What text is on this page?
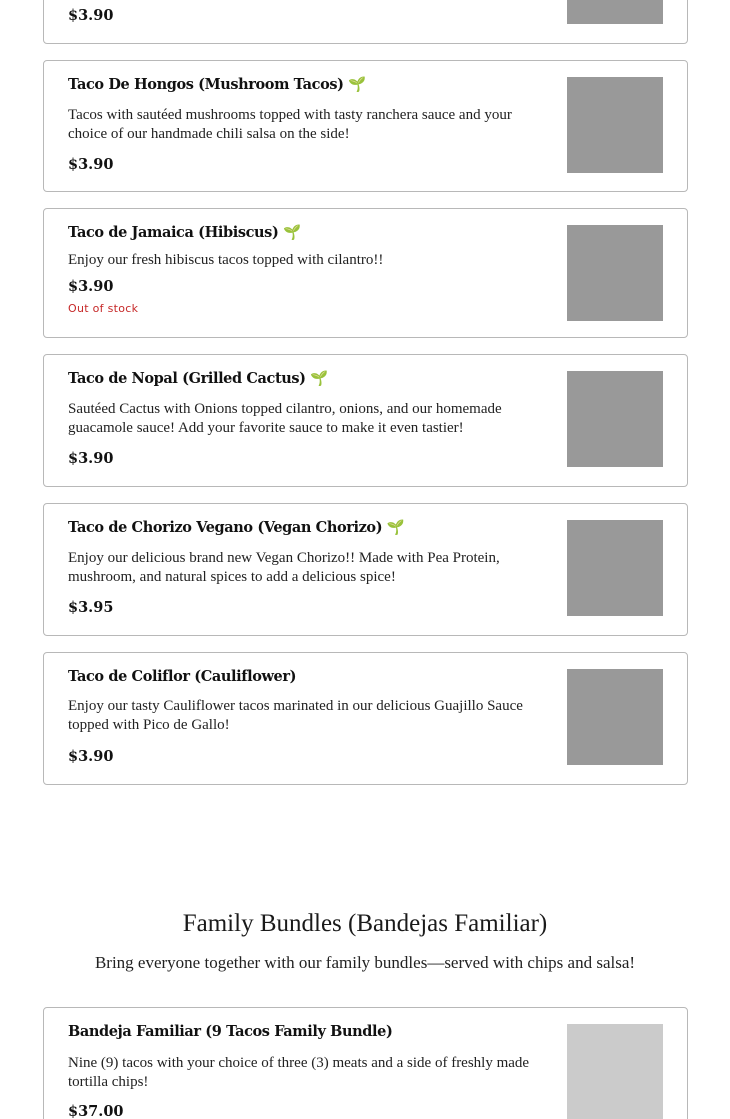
$3.90
Taco De Hongos (Mushroom Tacos) 🌱
Tacos with sautéed mushrooms topped with tasty ranchera sauce and your choice of our handmade chili salsa on the side!
$3.90
Taco de Jamaica (Hibiscus) 🌱
Enjoy our fresh hibiscus tacos topped with cilantro!!
$3.90
Out of stock
Taco de Nopal (Grilled Cactus) 🌱
Sautéed Cactus with Onions topped cilantro, onions, and our homemade guacamole sauce! Add your favorite sauce to make it even tastier!
$3.90
Taco de Chorizo Vegano (Vegan Chorizo) 🌱
Enjoy our delicious brand new Vegan Chorizo!! Made with Pea Protein, mushroom, and natural spices to add a delicious spice!
$3.95
Taco de Coliflor (Cauliflower)
Enjoy our tasty Cauliflower tacos marinated in our delicious Guajillo Sauce topped with Pico de Gallo!
$3.90
Family Bundles (Bandejas Familiar)
Bring everyone together with our family bundles—served with chips and salsa!
Bandeja Familiar (9 Tacos Family Bundle)
Nine (9) tacos with your choice of three (3) meats and a side of freshly made tortilla chips!
$37.00
